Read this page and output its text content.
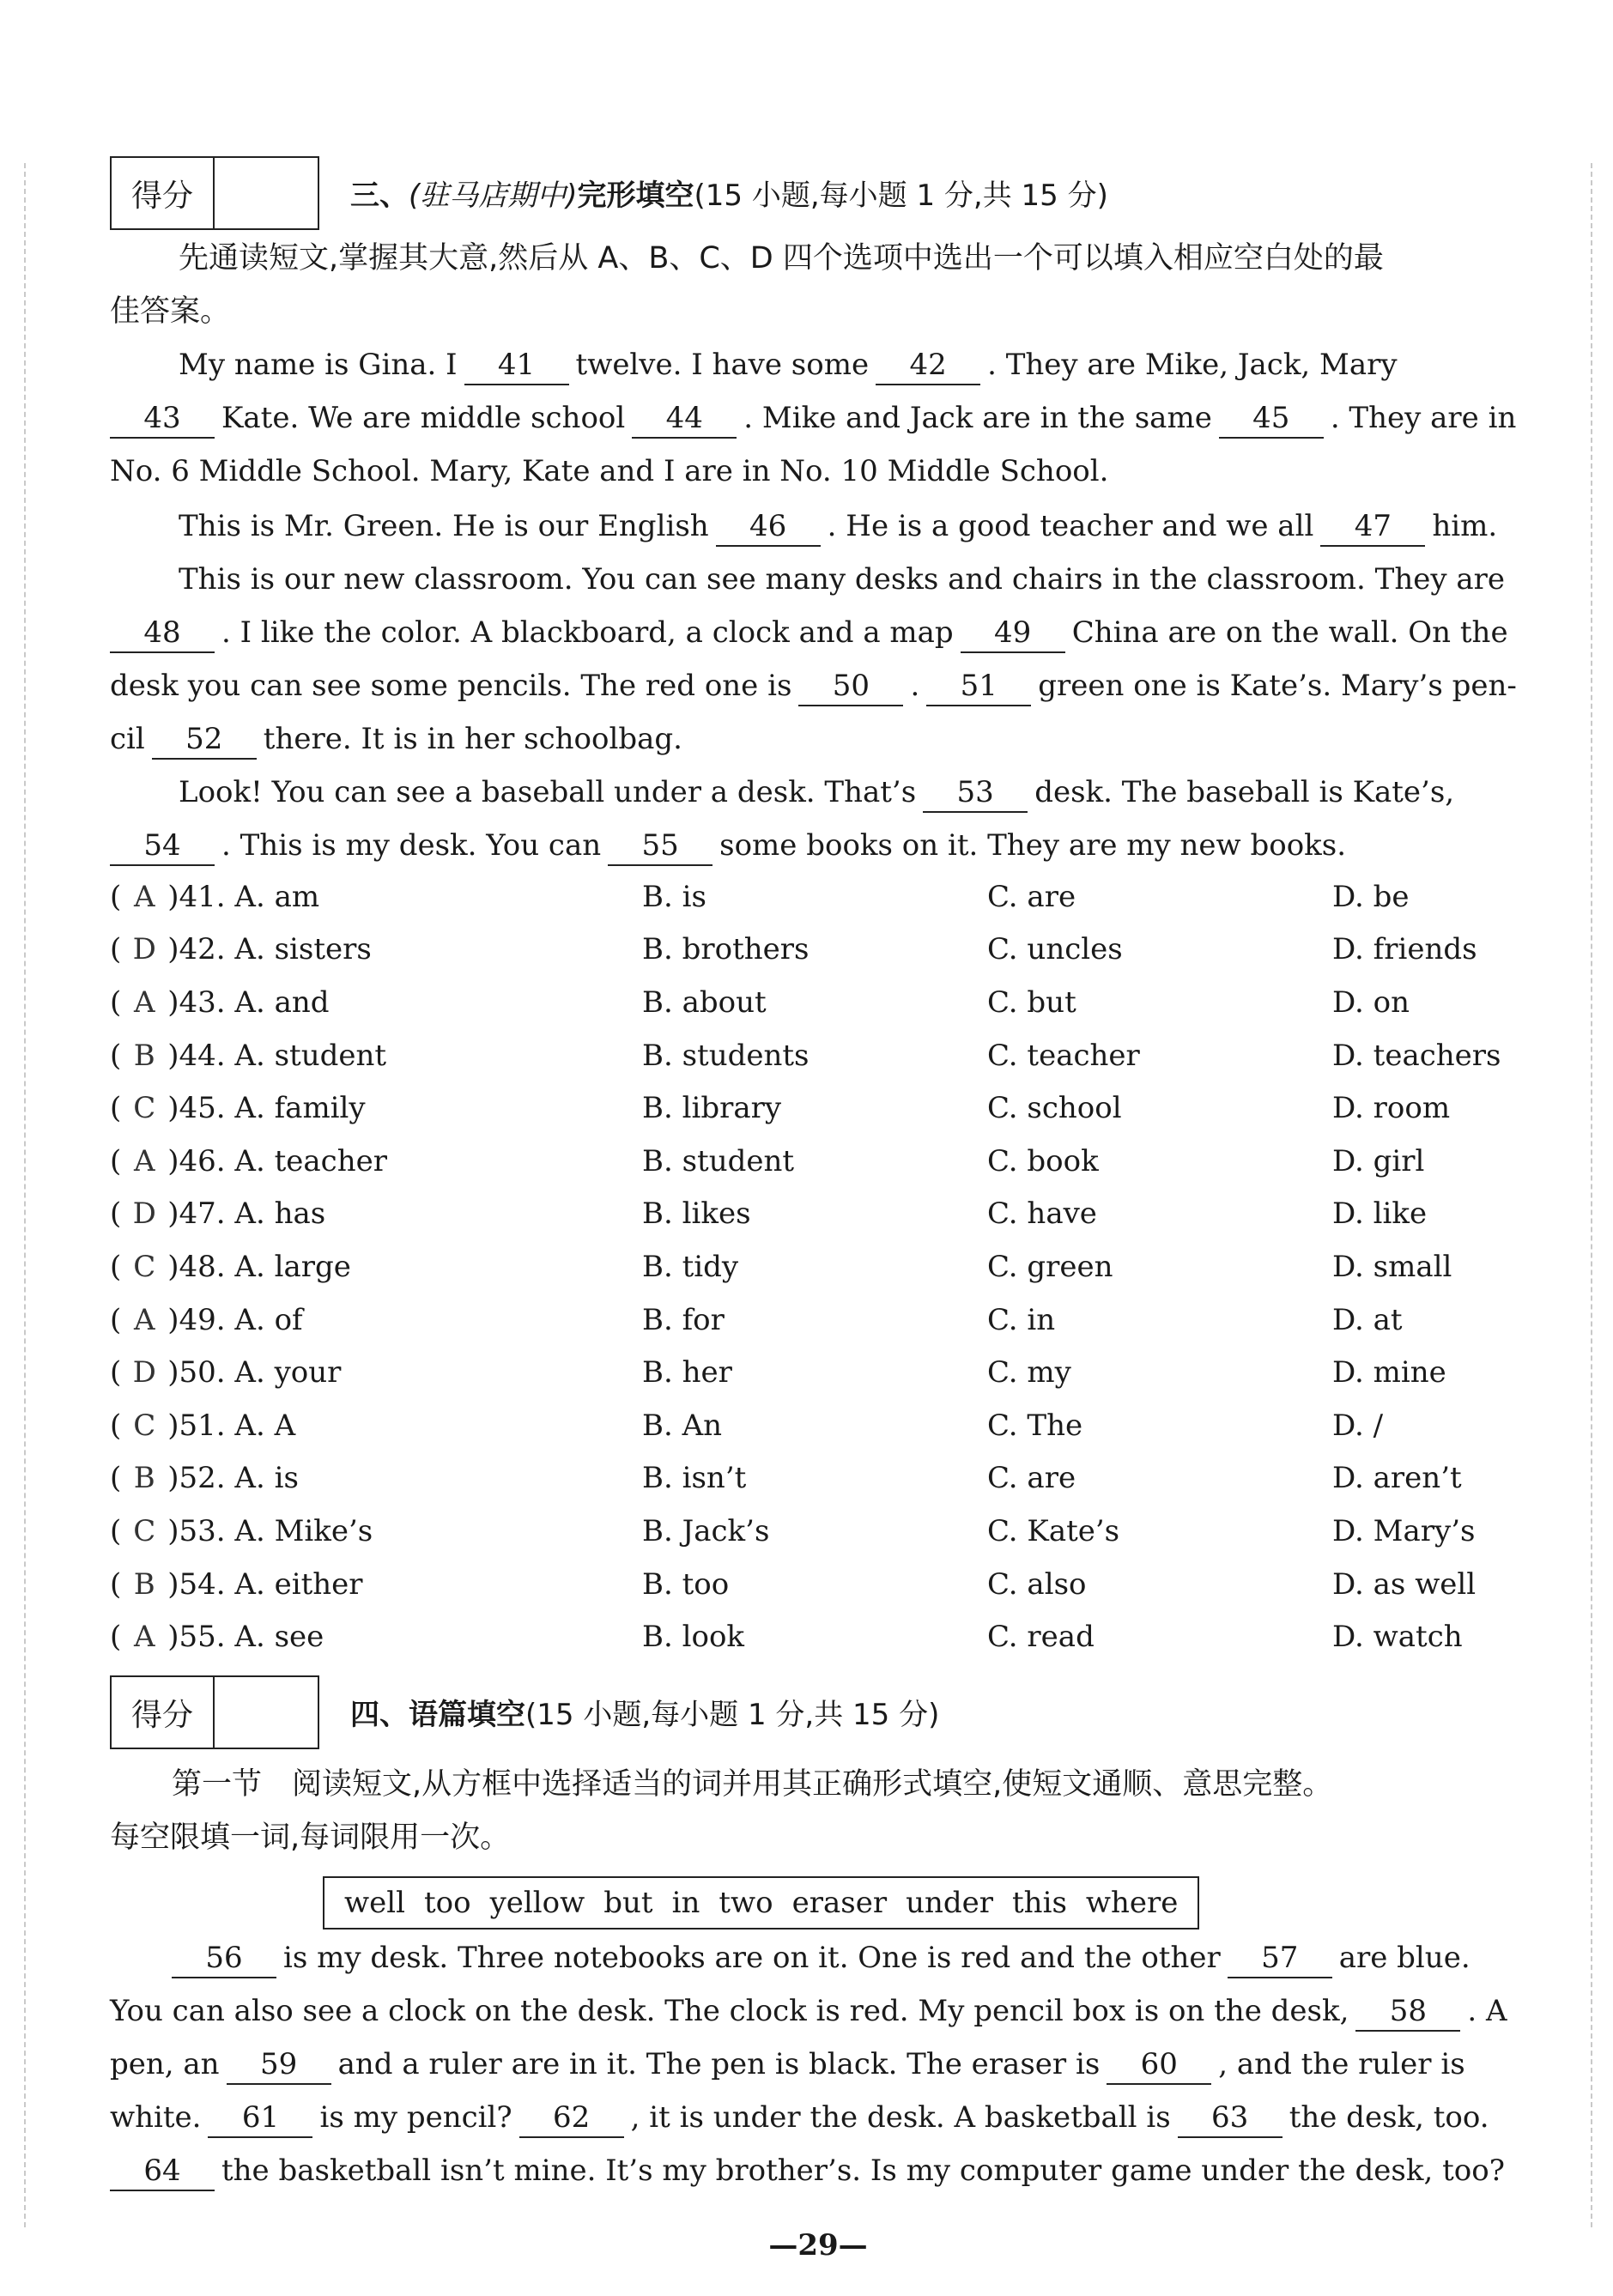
得分	三、(驻马店期中)完形填空(15 小题,每小题 1 分,共 15 分)
先通读短文,掌握其大意,然后从 A、B、C、D 四个选项中选出一个可以填入相应空白处的最
佳答案。
My name is Gina. I 41 twelve. I have some 42 . They are Mike, Jack, Mary
43 Kate. We are middle school 44 . Mike and Jack are in the same 45 . They are in
No. 6 Middle School. Mary, Kate and I are in No. 10 Middle School.
This is Mr. Green. He is our English 46 . He is a good teacher and we all 47 him.
This is our new classroom. You can see many desks and chairs in the classroom. They are
48 . I like the color. A blackboard, a clock and a map 49 China are on the wall. On the
desk you can see some pencils. The red one is 50 . 51 green one is Kate’s. Mary’s pen-
cil 52 there. It is in her schoolbag.
Look! You can see a baseball under a desk. That’s 53 desk. The baseball is Kate’s,
54 . This is my desk. You can 55 some books on it. They are my new books.
( A )41. A. am	B. is	C. are	D. be
( D )42. A. sisters	B. brothers	C. uncles	D. friends
( A )43. A. and	B. about	C. but	D. on
( B )44. A. student	B. students	C. teacher	D. teachers
( C )45. A. family	B. library	C. school	D. room
( A )46. A. teacher	B. student	C. book	D. girl
( D )47. A. has	B. likes	C. have	D. like
( C )48. A. large	B. tidy	C. green	D. small
( A )49. A. of	B. for	C. in	D. at
( D )50. A. your	B. her	C. my	D. mine
( C )51. A. A	B. An	C. The	D. /
( B )52. A. is	B. isn’t	C. are	D. aren’t
( C )53. A. Mike’s	B. Jack’s	C. Kate’s	D. Mary’s
( B )54. A. either	B. too	C. also	D. as well
( A )55. A. see	B. look	C. read	D. watch
得分	四、语篇填空(15 小题,每小题 1 分,共 15 分)
第一节　阅读短文,从方框中选择适当的词并用其正确形式填空,使短文通顺、意思完整。
每空限填一词,每词限用一次。
well too yellow but in two eraser under this where
56 is my desk. Three notebooks are on it. One is red and the other 57 are blue.
You can also see a clock on the desk. The clock is red. My pencil box is on the desk, 58 . A
pen, an 59 and a ruler are in it. The pen is black. The eraser is 60 , and the ruler is
white. 61 is my pencil? 62 , it is under the desk. A basketball is 63 the desk, too.
64 the basketball isn’t mine. It’s my brother’s. Is my computer game under the desk, too?
—29—
